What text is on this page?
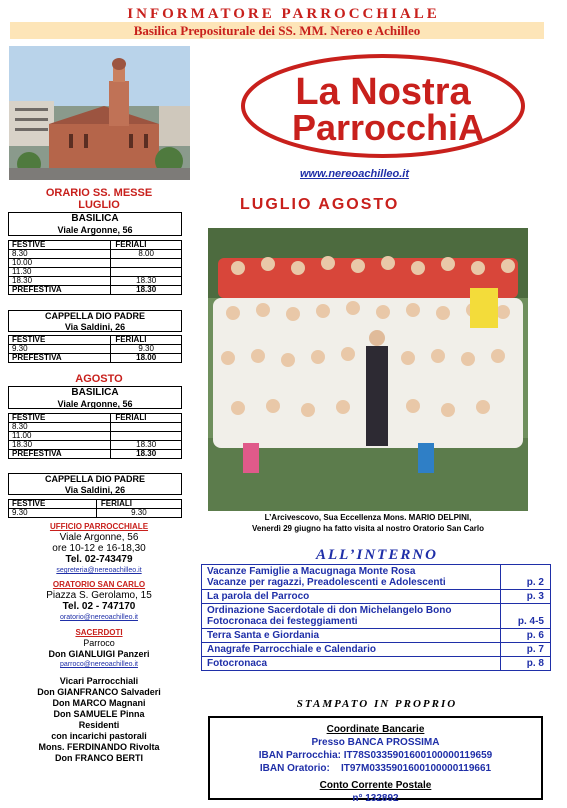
INFORMATORE PARROCCHIALE
Basilica Prepositurale dei SS. MM. Nereo e Achilleo
La Nostra
ParrocchiA
www.nereoachilleo.it
LUGLIO AGOSTO
ORARIO SS. MESSE
LUGLIO
BASILICA
Viale Argonne, 56
FESTIVE	FERIALI
8.30	8.00
10.00	
11.30	
18.30	18.30
PREFESTIVA	18.30
CAPPELLA DIO PADRE
Via Saldini, 26
FESTIVE	FERIALI
9.30	9.30
PREFESTIVA	18.00
AGOSTO
BASILICA
Viale Argonne, 56
FESTIVE	FERIALI
8.30	
11.00	
18.30	18.30
PREFESTIVA	18.30
CAPPELLA DIO PADRE
Via Saldini, 26
FESTIVE	FERIALI
9.30	9.30
UFFICIO PARROCCHIALE
Viale Argonne, 56
ore 10-12 e 16-18,30
Tel. 02-743479
segreteria@nereoachilleo.it
ORATORIO SAN CARLO
Piazza S. Gerolamo, 15
Tel. 02 - 747170
oratorio@nereoachilleo.it
SACERDOTI
Parroco
Don GIANLUIGI Panzeri
parroco@nereoachilleo.it
Vicari Parrocchiali
Don GIANFRANCO Salvaderi
Don MARCO Magnani
Don SAMUELE Pinna
Residenti
con incarichi pastorali
Mons. FERDINANDO Rivolta
Don FRANCO BERTI
L’Arcivescovo, Sua Eccellenza Mons. MARIO DELPINI,
Venerdì 29 giugno ha fatto visita al nostro Oratorio San Carlo
ALL’INTERNO
Vacanze Famiglie a Macugnaga Monte Rosa
Vacanze per ragazzi, Preadolescenti e Adolescenti	p. 2
La parola del Parroco	p. 3

Ordinazione Sacerdotale di don Michelangelo Bono
Fotocronaca dei festeggiamenti	p. 4-5
Terra Santa e Giordania	p. 6
Anagrafe Parrocchiale e Calendario	p. 7
Fotocronaca	p. 8
STAMPATO IN PROPRIO
Coordinate Bancarie
Presso BANCA PROSSIMA
IBAN Parrocchia: IT78S0335901600100000119659
IBAN Oratorio:    IT97M0335901600100000119661
Conto Corrente Postale
n° 132892
